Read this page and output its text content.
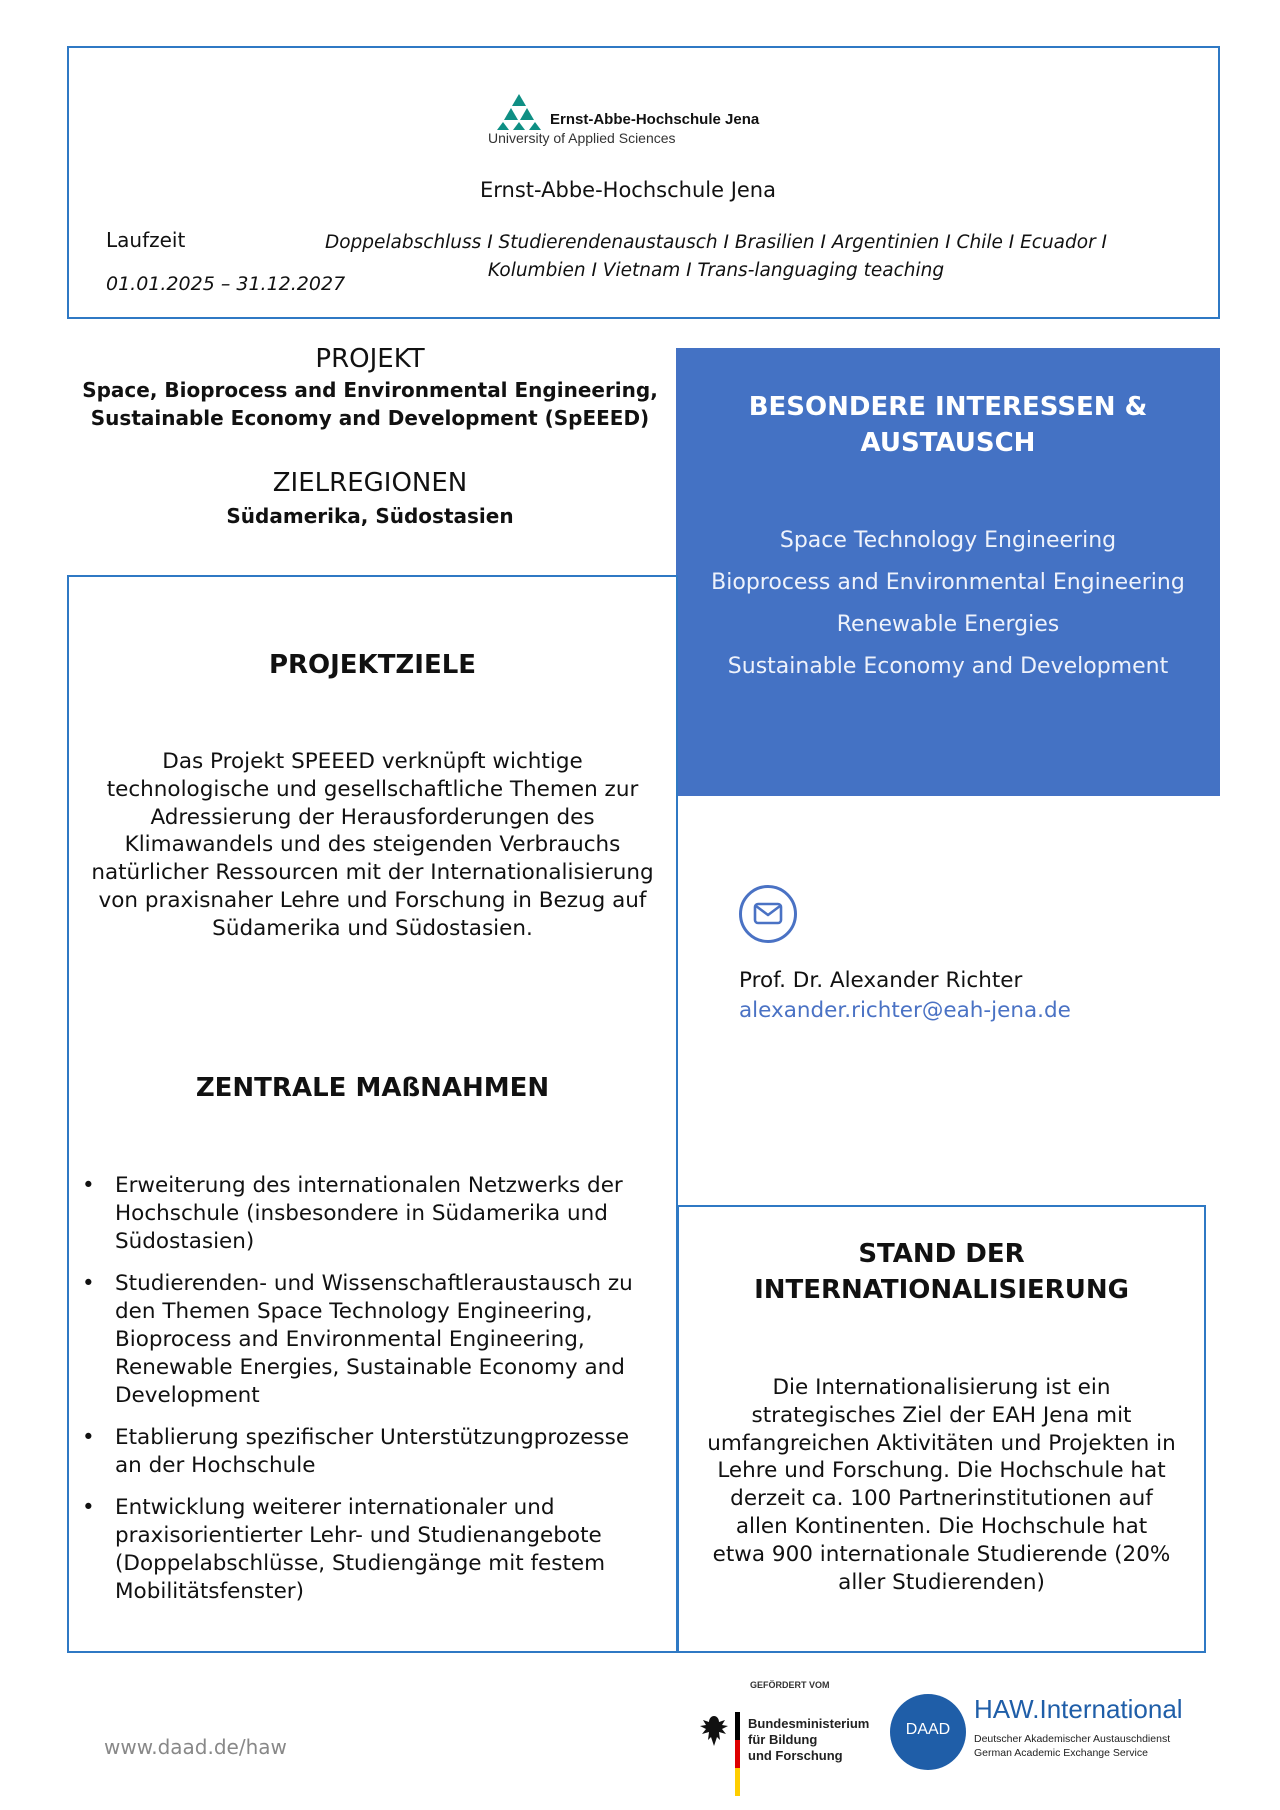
Ernst-Abbe-Hochschule Jena
University of Applied Sciences
Ernst-Abbe-Hochschule Jena
Laufzeit
01.01.2025 – 31.12.2027
Doppelabschluss I Studierendenaustausch I Brasilien I Argentinien I Chile I Ecuador I
Kolumbien I Vietnam I Trans-languaging teaching
PROJEKT
Space, Bioprocess and Environmental Engineering,
Sustainable Economy and Development (SpEEED)
ZIELREGIONEN
Südamerika, Südostasien
BESONDERE INTERESSEN &
AUSTAUSCH
Space Technology Engineering
Bioprocess and Environmental Engineering
Renewable Energies
Sustainable Economy and Development
PROJEKTZIELE
Das Projekt SPEEED verknüpft wichtige
technologische und gesellschaftliche Themen zur
Adressierung der Herausforderungen des
Klimawandels und des steigenden Verbrauchs
natürlicher Ressourcen mit der Internationalisierung
von praxisnaher Lehre und Forschung in Bezug auf
Südamerika und Südostasien.
ZENTRALE MAßNAHMEN
• Erweiterung des internationalen Netzwerks der Hochschule (insbesondere in Südamerika und Südostasien)
• Studierenden- und Wissenschaftleraustausch zu den Themen Space Technology Engineering, Bioprocess and Environmental Engineering, Renewable Energies, Sustainable Economy and Development
• Etablierung spezifischer Unterstützungprozesse an der Hochschule
• Entwicklung weiterer internationaler und praxisorientierter Lehr- und Studienangebote (Doppelabschlüsse, Studiengänge mit festem Mobilitätsfenster)
Prof. Dr. Alexander Richter
alexander.richter@eah-jena.de
STAND DER
INTERNATIONALISIERUNG
Die Internationalisierung ist ein
strategisches Ziel der EAH Jena mit
umfangreichen Aktivitäten und Projekten in
Lehre und Forschung. Die Hochschule hat
derzeit ca. 100 Partnerinstitutionen auf
allen Kontinenten. Die Hochschule hat
etwa 900 internationale Studierende (20%
aller Studierenden)
www.daad.de/haw
GEFÖRDERT VOM
Bundesministerium
für Bildung
und Forschung
DAAD
HAW.International
Deutscher Akademischer Austauschdienst
German Academic Exchange Service
